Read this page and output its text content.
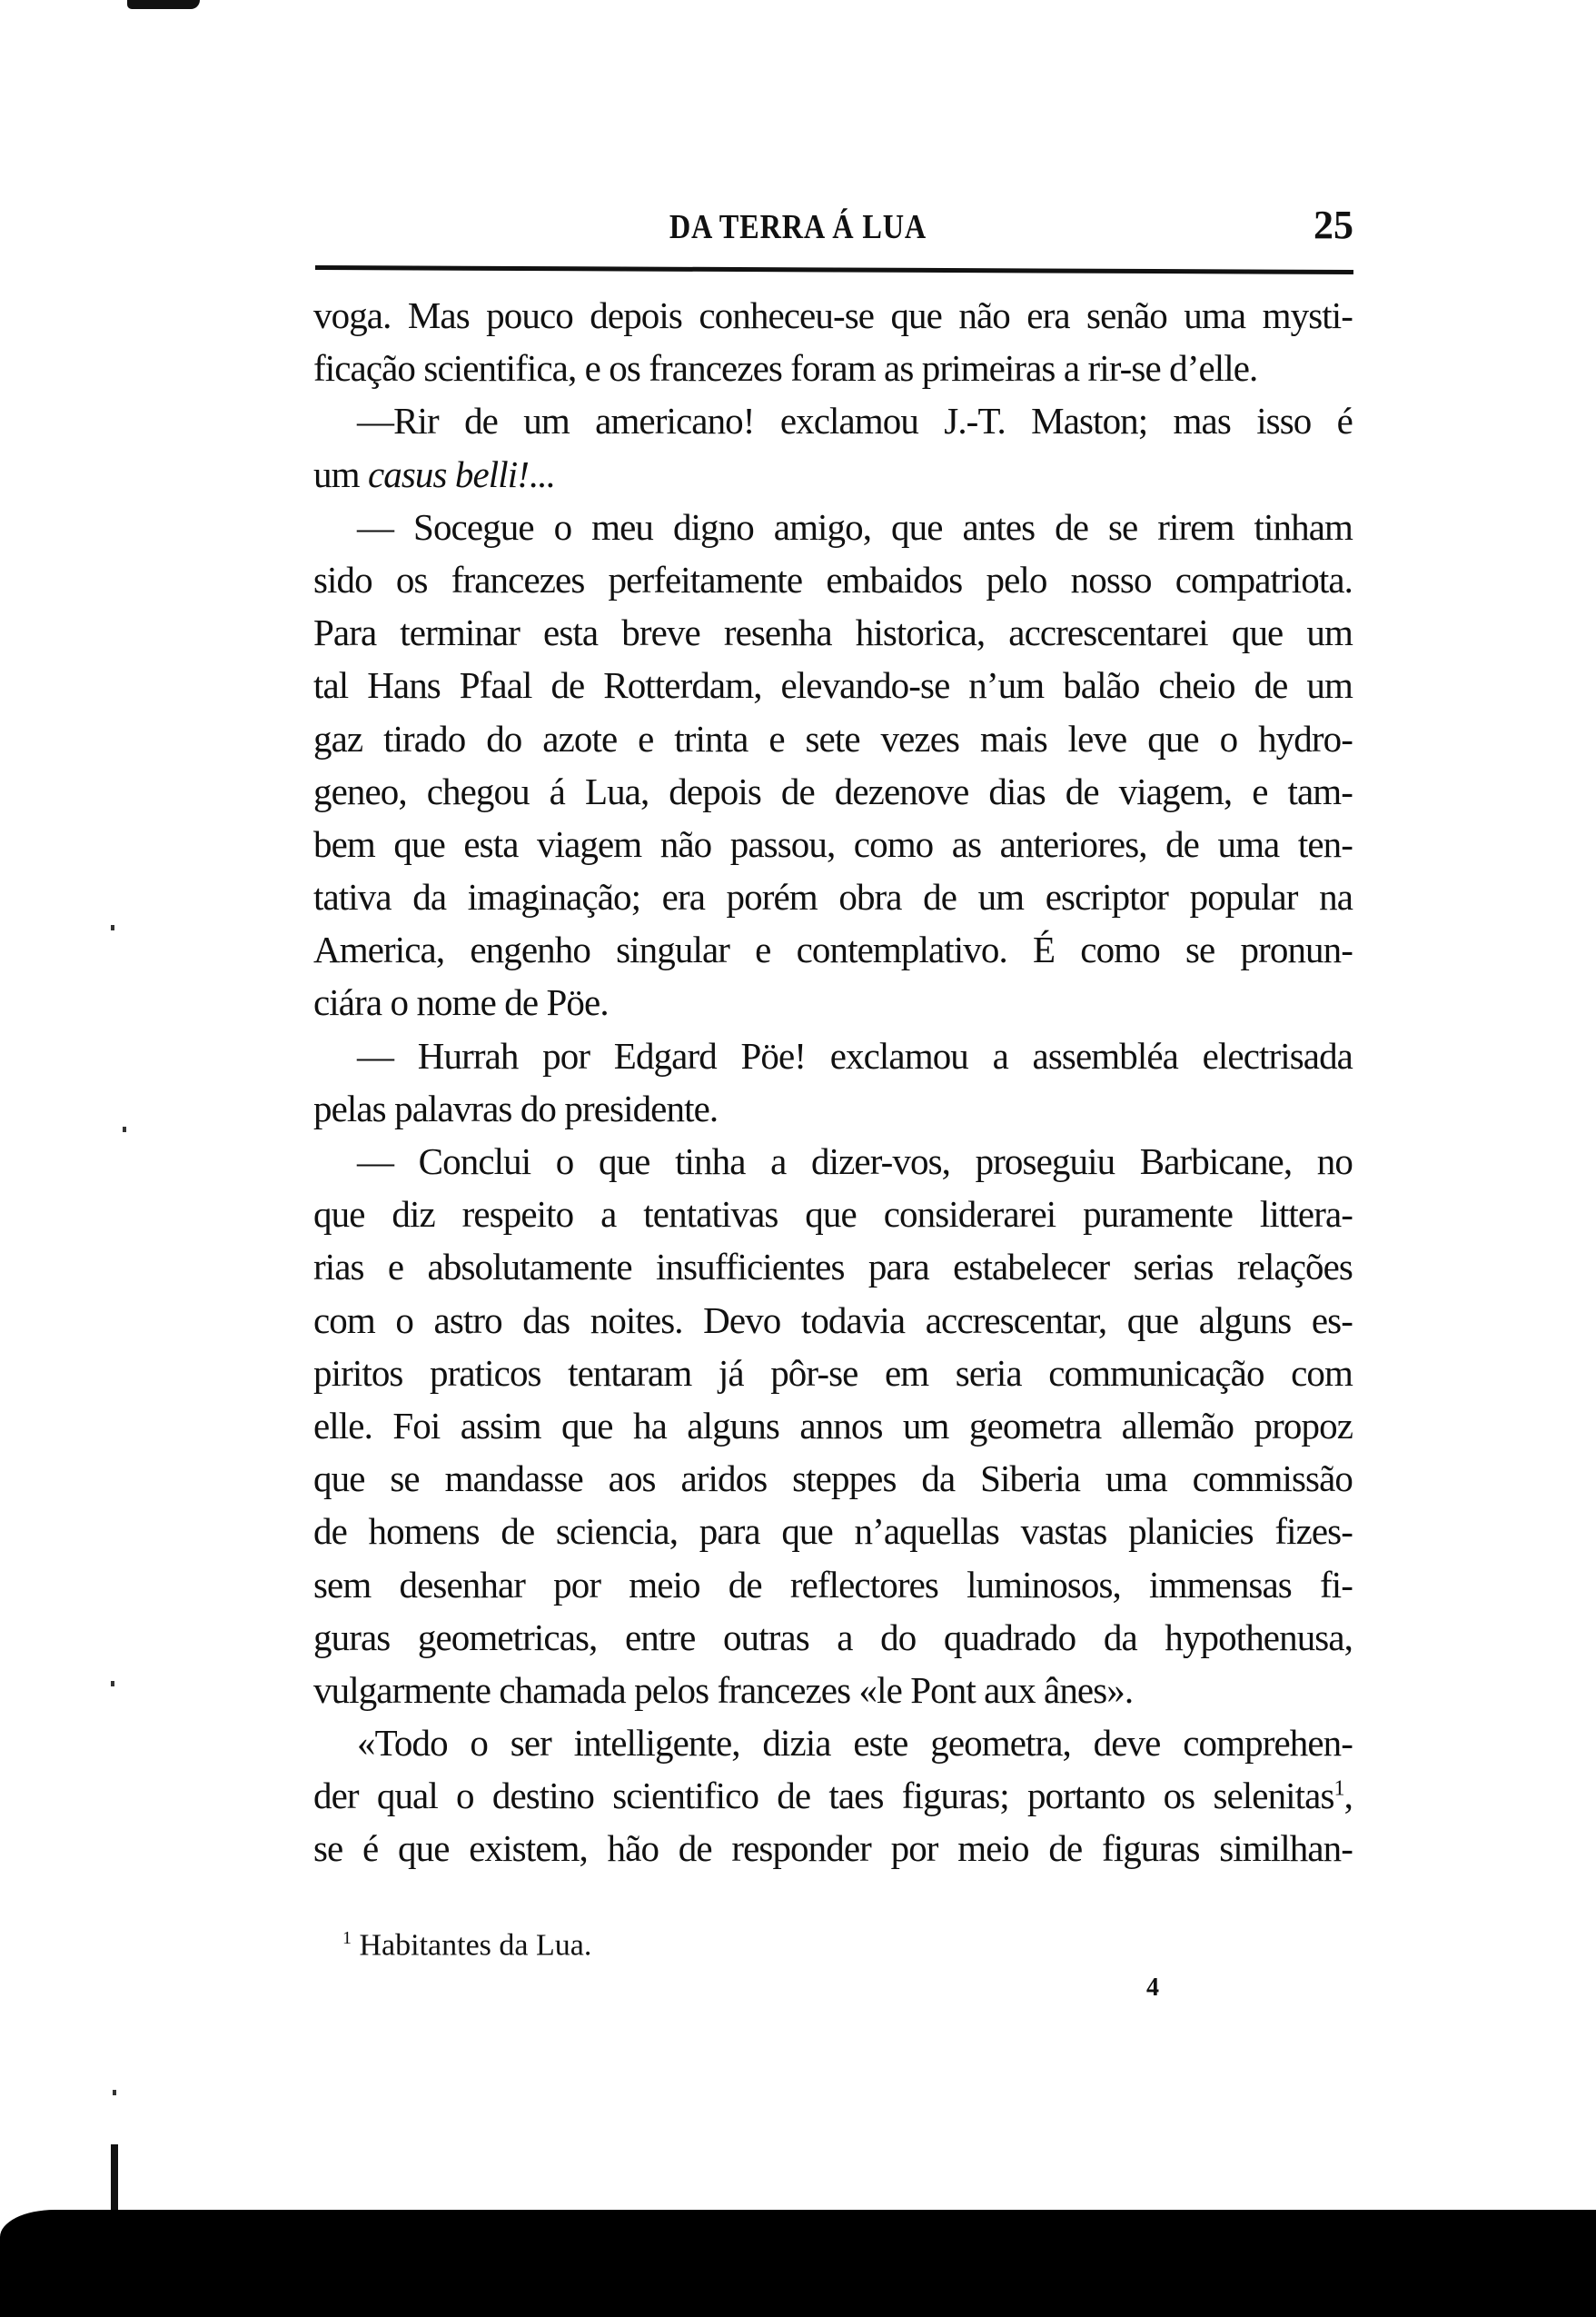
DA TERRA Á LUA	25
voga. Mas pouco depois conheceu-se que não era senão uma mysti-
ficação scientifica, e os francezes foram as primeiras a rir-se d’elle.
—Rir de um americano! exclamou J.-T. Maston; mas isso é
um casus belli!...
— Socegue o meu digno amigo, que antes de se rirem tinham
sido os francezes perfeitamente embaidos pelo nosso compatriota.
Para terminar esta breve resenha historica, accrescentarei que um
tal Hans Pfaal de Rotterdam, elevando-se n’um balão cheio de um
gaz tirado do azote e trinta e sete vezes mais leve que o hydro-
geneo, chegou á Lua, depois de dezenove dias de viagem, e tam-
bem que esta viagem não passou, como as anteriores, de uma ten-
tativa da imaginação; era porém obra de um escriptor popular na
America, engenho singular e contemplativo. É como se pronun-
ciára o nome de Pöe.
— Hurrah por Edgard Pöe! exclamou a assembléa electrisada
pelas palavras do presidente.
— Conclui o que tinha a dizer-vos, proseguiu Barbicane, no
que diz respeito a tentativas que considerarei puramente littera-
rias e absolutamente insufficientes para estabelecer serias relações
com o astro das noites. Devo todavia accrescentar, que alguns es-
piritos praticos tentaram já pôr-se em seria communicação com
elle. Foi assim que ha alguns annos um geometra allemão propoz
que se mandasse aos aridos steppes da Siberia uma commissão
de homens de sciencia, para que n’aquellas vastas planicies fizes-
sem desenhar por meio de reflectores luminosos, immensas fi-
guras geometricas, entre outras a do quadrado da hypothenusa,
vulgarmente chamada pelos francezes «le Pont aux ânes».
«Todo o ser intelligente, dizia este geometra, deve comprehen-
der qual o destino scientifico de taes figuras; portanto os selenitas$^1$,
se é que existem, hão de responder por meio de figuras similhan-
$^1$ Habitantes da Lua.
4
